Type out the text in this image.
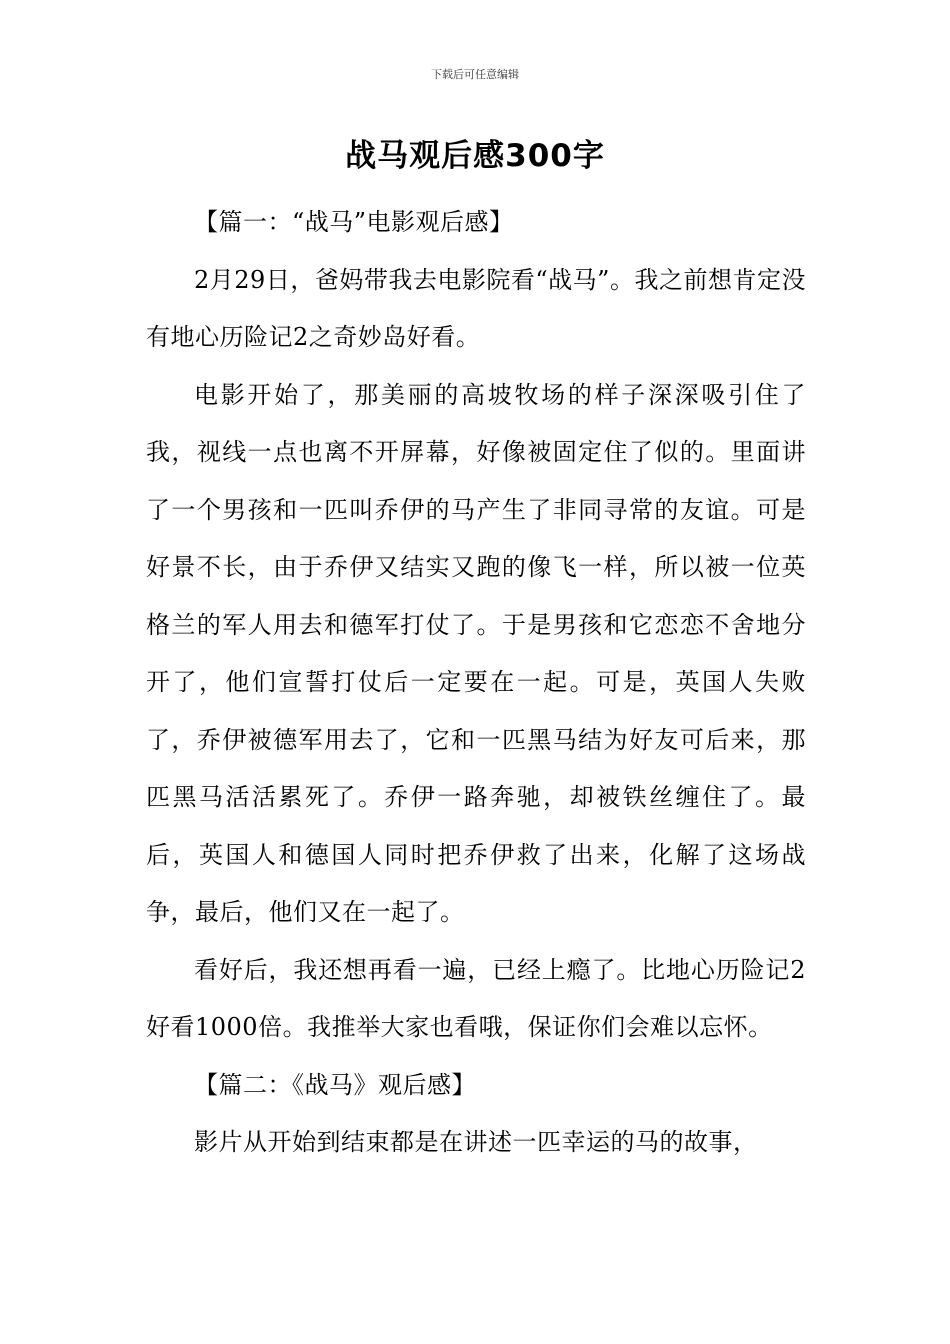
下载后可任意编辑
战马观后感300字

【篇一：“战马”电影观后感】

2月29日，爸妈带我去电影院看“战马”。我之前想肯定没有地心历险记2之奇妙岛好看。

电影开始了，那美丽的高坡牧场的样子深深吸引住了我，视线一点也离不开屏幕，好像被固定住了似的。里面讲了一个男孩和一匹叫乔伊的马产生了非同寻常的友谊。可是好景不长，由于乔伊又结实又跑的像飞一样，所以被一位英格兰的军人用去和德军打仗了。于是男孩和它恋恋不舍地分开了，他们宣誓打仗后一定要在一起。可是，英国人失败了，乔伊被德军用去了，它和一匹黑马结为好友可后来，那匹黑马活活累死了。乔伊一路奔驰，却被铁丝缠住了。最后，英国人和德国人同时把乔伊救了出来，化解了这场战争，最后，他们又在一起了。

看好后，我还想再看一遍，已经上瘾了。比地心历险记2好看1000倍。我推举大家也看哦，保证你们会难以忘怀。

【篇二：《战马》观后感】

影片从开始到结束都是在讲述一匹幸运的马的故事，
